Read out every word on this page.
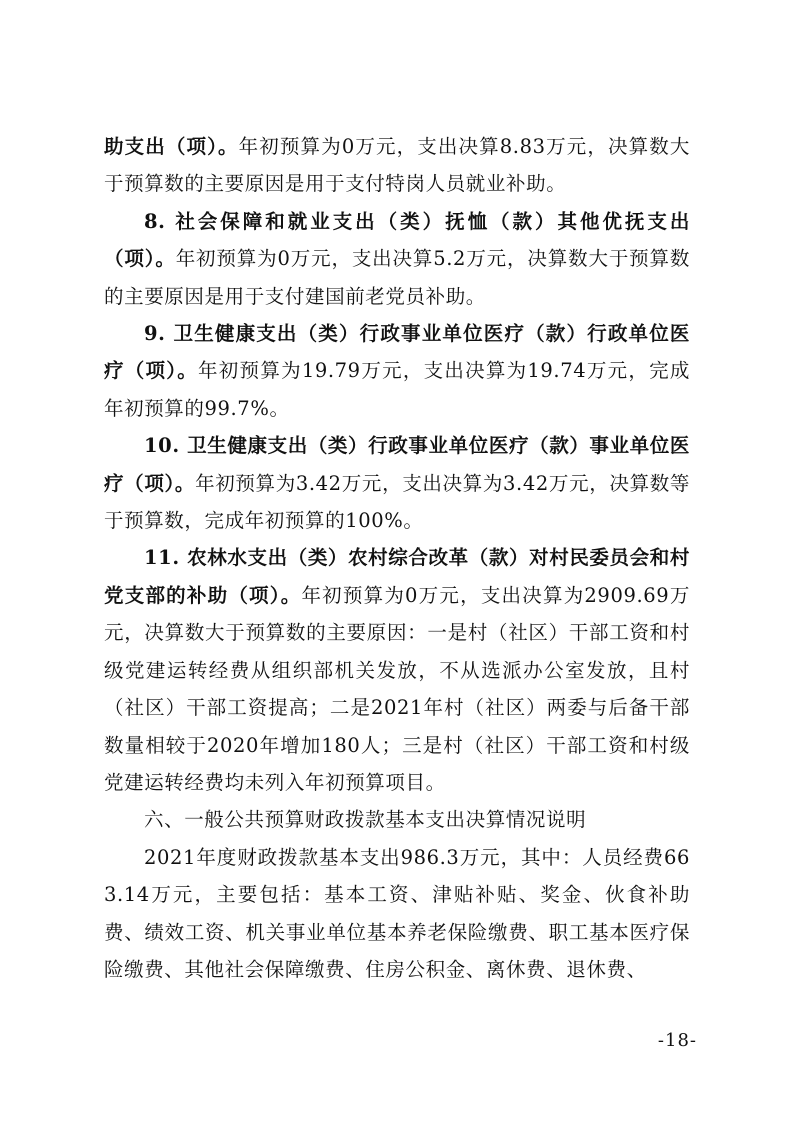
助支出（项）。年初预算为0万元，支出决算8.83万元，决算数大于预算数的主要原因是用于支付特岗人员就业补助。

8. 社会保障和就业支出（类）抚恤（款）其他优抚支出（项）。年初预算为0万元，支出决算5.2万元，决算数大于预算数的主要原因是用于支付建国前老党员补助。

9. 卫生健康支出（类）行政事业单位医疗（款）行政单位医疗（项）。年初预算为19.79万元，支出决算为19.74万元，完成年初预算的99.7%。

10. 卫生健康支出（类）行政事业单位医疗（款）事业单位医疗（项）。年初预算为3.42万元，支出决算为3.42万元，决算数等于预算数，完成年初预算的100%。

11. 农林水支出（类）农村综合改革（款）对村民委员会和村党支部的补助（项）。年初预算为0万元，支出决算为2909.69万元，决算数大于预算数的主要原因：一是村（社区）干部工资和村级党建运转经费从组织部机关发放，不从选派办公室发放，且村（社区）干部工资提高；二是2021年村（社区）两委与后备干部数量相较于2020年增加180人；三是村（社区）干部工资和村级党建运转经费均未列入年初预算项目。

六、一般公共预算财政拨款基本支出决算情况说明

2021年度财政拨款基本支出986.3万元，其中：人员经费663.14万元，主要包括：基本工资、津贴补贴、奖金、伙食补助费、绩效工资、机关事业单位基本养老保险缴费、职工基本医疗保险缴费、其他社会保障缴费、住房公积金、离休费、退休费、

-18-
